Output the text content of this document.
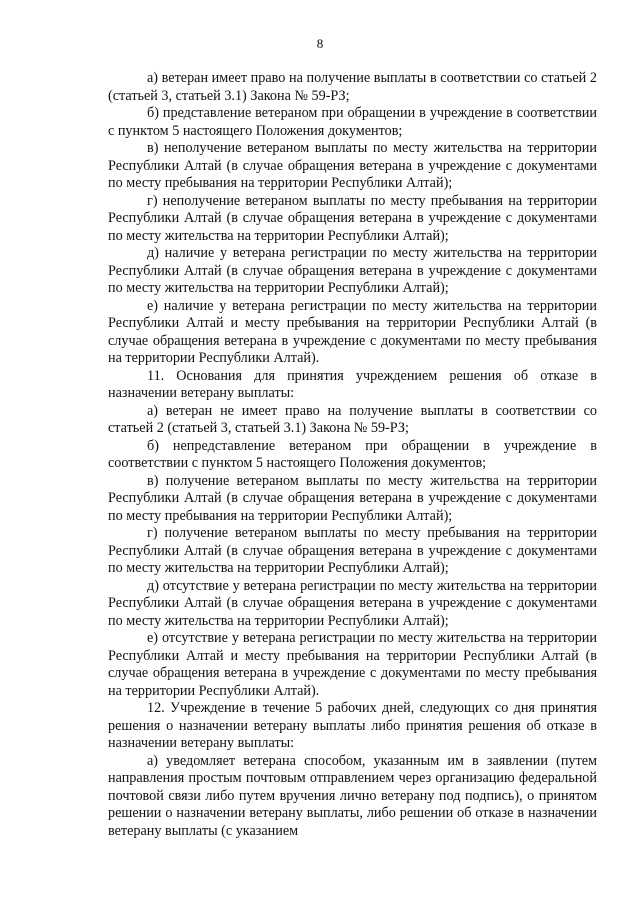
8

а) ветеран имеет право на получение выплаты в соответствии со статьей 2 (статьей 3, статьей 3.1) Закона № 59-РЗ;

б) представление ветераном при обращении в учреждение в соответствии с пунктом 5 настоящего Положения документов;

в) неполучение ветераном выплаты по месту жительства на территории Республики Алтай (в случае обращения ветерана в учреждение с документами по месту пребывания на территории Республики Алтай);

г) неполучение ветераном выплаты по месту пребывания на территории Республики Алтай (в случае обращения ветерана в учреждение с документами по месту жительства на территории Республики Алтай);

д) наличие у ветерана регистрации по месту жительства на территории Республики Алтай (в случае обращения ветерана в учреждение с документами по месту жительства на территории Республики Алтай);

е) наличие у ветерана регистрации по месту жительства на территории Республики Алтай и месту пребывания на территории Республики Алтай (в случае обращения ветерана в учреждение с документами по месту пребывания на территории Республики Алтай).

11. Основания для принятия учреждением решения об отказе в назначении ветерану выплаты:

а) ветеран не имеет право на получение выплаты в соответствии со статьей 2 (статьей 3, статьей 3.1) Закона № 59-РЗ;

б) непредставление ветераном при обращении в учреждение в соответствии с пунктом 5 настоящего Положения документов;

в) получение ветераном выплаты по месту жительства на территории Республики Алтай (в случае обращения ветерана в учреждение с документами по месту пребывания на территории Республики Алтай);

г) получение ветераном выплаты по месту пребывания на территории Республики Алтай (в случае обращения ветерана в учреждение с документами по месту жительства на территории Республики Алтай);

д) отсутствие у ветерана регистрации по месту жительства на территории Республики Алтай (в случае обращения ветерана в учреждение с документами по месту жительства на территории Республики Алтай);

е) отсутствие у ветерана регистрации по месту жительства на территории Республики Алтай и месту пребывания на территории Республики Алтай (в случае обращения ветерана в учреждение с документами по месту пребывания на территории Республики Алтай).

12. Учреждение в течение 5 рабочих дней, следующих со дня принятия решения о назначении ветерану выплаты либо принятия решения об отказе в назначении ветерану выплаты:

а) уведомляет ветерана способом, указанным им в заявлении (путем направления простым почтовым отправлением через организацию федеральной почтовой связи либо путем вручения лично ветерану под подпись), о принятом решении о назначении ветерану выплаты, либо решении об отказе в назначении ветерану выплаты (с указанием
